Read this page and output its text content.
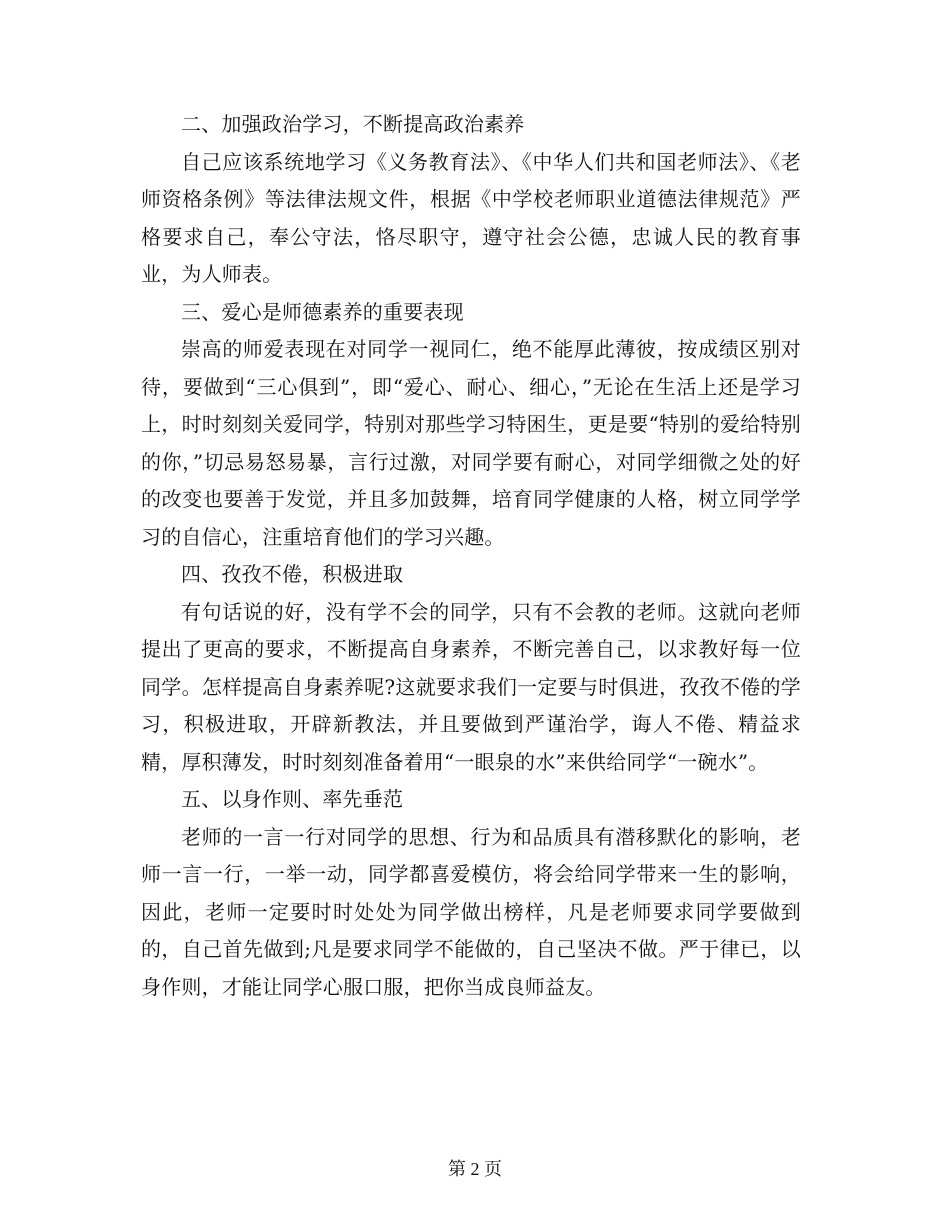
二、加强政治学习，不断提高政治素养

自己应该系统地学习《义务教育法》、《中华人们共和国老师法》、《老师资格条例》等法律法规文件，根据《中学校老师职业道德法律规范》严格要求自己，奉公守法，恪尽职守，遵守社会公德，忠诚人民的教育事业，为人师表。

三、爱心是师德素养的重要表现

崇高的师爱表现在对同学一视同仁，绝不能厚此薄彼，按成绩区别对待，要做到“三心俱到”，即“爱心、耐心、细心，”无论在生活上还是学习上，时时刻刻关爱同学，特别对那些学习特困生，更是要“特别的爱给特别的你，”切忌易怒易暴，言行过激，对同学要有耐心，对同学细微之处的好的改变也要善于发觉，并且多加鼓舞，培育同学健康的人格，树立同学学习的自信心，注重培育他们的学习兴趣。

四、孜孜不倦，积极进取

有句话说的好，没有学不会的同学，只有不会教的老师。这就向老师提出了更高的要求，不断提高自身素养，不断完善自己，以求教好每一位同学。怎样提高自身素养呢?这就要求我们一定要与时俱进，孜孜不倦的学习，积极进取，开辟新教法，并且要做到严谨治学，诲人不倦、精益求精，厚积薄发，时时刻刻准备着用“一眼泉的水”来供给同学“一碗水”。

五、以身作则、率先垂范

老师的一言一行对同学的思想、行为和品质具有潜移默化的影响，老师一言一行，一举一动，同学都喜爱模仿，将会给同学带来一生的影响，因此，老师一定要时时处处为同学做出榜样，凡是老师要求同学要做到的，自己首先做到;凡是要求同学不能做的，自己坚决不做。严于律已，以身作则，才能让同学心服口服，把你当成良师益友。

第 2 页
